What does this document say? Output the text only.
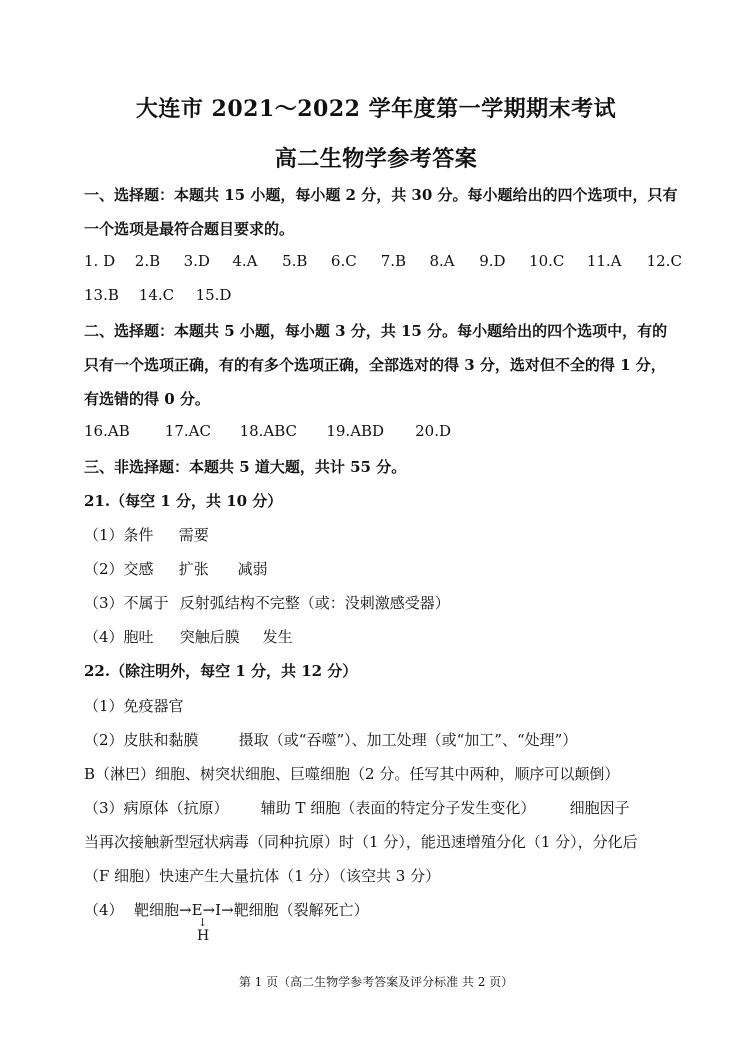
大连市 2021～2022 学年度第一学期期末考试
高二生物学参考答案
一、选择题：本题共 15 小题，每小题 2 分，共 30 分。每小题给出的四个选项中，只有
一个选项是最符合题目要求的。
1. D 2.B 3.D 4.A 5.B 6.C 7.B 8.A 9.D 10.C 11.A 12.C
13.B 14.C 15.D
二、选择题：本题共 5 小题，每小题 3 分，共 15 分。每小题给出的四个选项中，有的
只有一个选项正确，有的有多个选项正确，全部选对的得 3 分，选对但不全的得 1 分，
有选错的得 0 分。
16.AB 17.AC 18.ABC 19.ABD 20.D
三、非选择题：本题共 5 道大题，共计 55 分。
21.（每空 1 分，共 10 分）
（1）条件 需要
（2）交感 扩张 减弱
（3）不属于 反射弧结构不完整（或：没刺激感受器）
（4）胞吐 突触后膜 发生
22.（除注明外，每空 1 分，共 12 分）
（1）免疫器官
（2）皮肤和黏膜	摄取（或“吞噬”）、加工处理（或“加工”、“处理”）
B（淋巴）细胞、树突状细胞、巨噬细胞（2 分。任写其中两种，顺序可以颠倒）
（3）病原体（抗原） 辅助 T 细胞（表面的特定分子发生变化） 细胞因子
当再次接触新型冠状病毒（同种抗原）时（1 分），能迅速增殖分化（1 分），分化后
（F 细胞）快速产生大量抗体（1 分）（该空共 3 分）
（4） 靶细胞→E→I→靶细胞（裂解死亡）
↓
H
第 1 页（高二生物学参考答案及评分标准 共 2 页）
